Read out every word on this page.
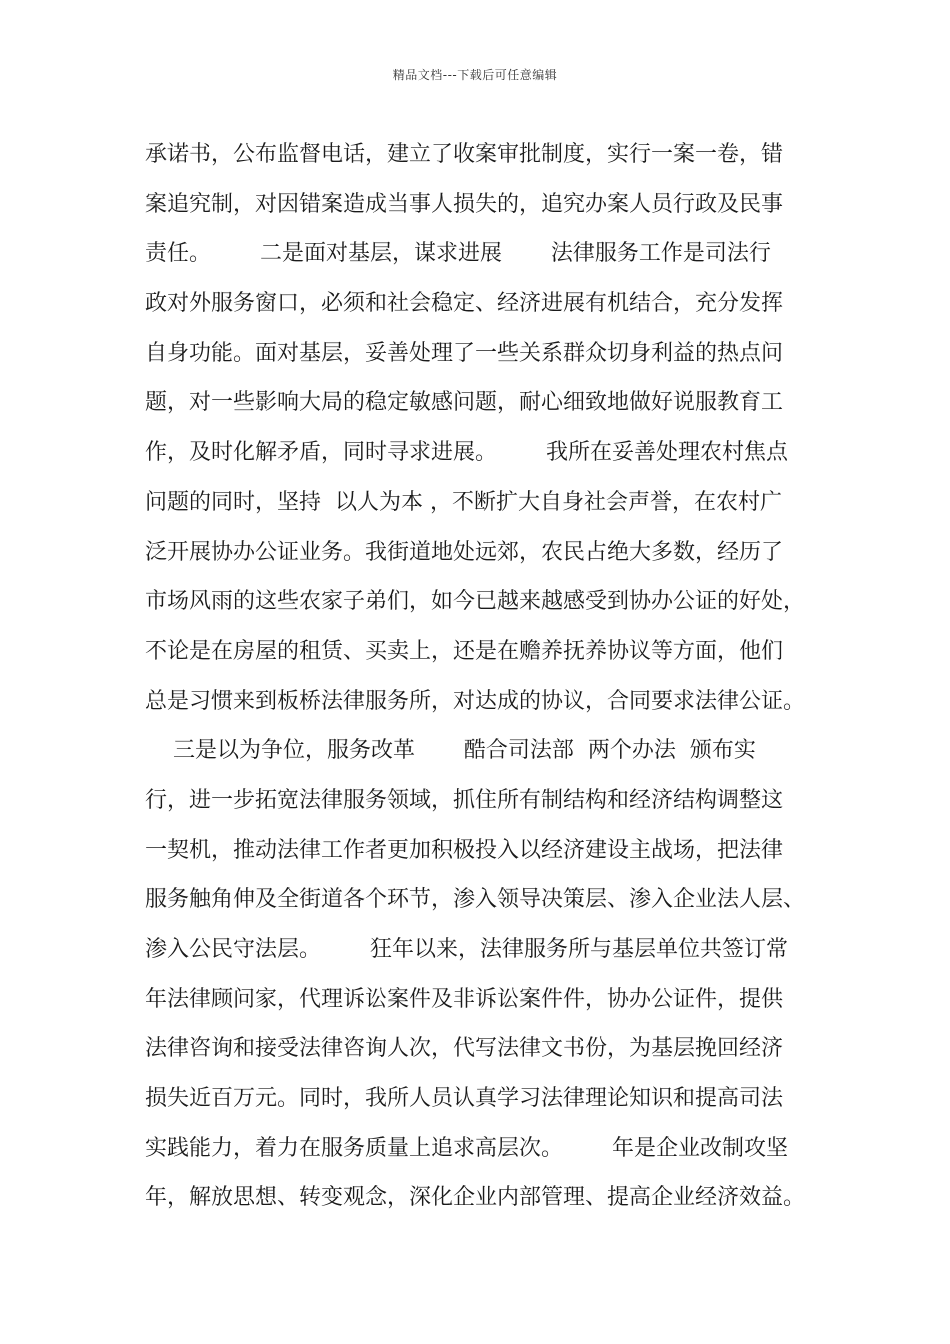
精品文档---下载后可任意编辑
承诺书，公布监督电话，建立了收案审批制度，实行一案一卷，错
案追究制，对因错案造成当事人损失的，追究办案人员行政及民事
责任。       二是面对基层，谋求进展       法律服务工作是司法行
政对外服务窗口，必须和社会稳定、经济进展有机结合，充分发挥
自身功能。面对基层，妥善处理了一些关系群众切身利益的热点问
题，对一些影响大局的稳定敏感问题，耐心细致地做好说服教育工
作，及时化解矛盾，同时寻求进展。       我所在妥善处理农村焦点
问题的同时，坚持  以人为本 ，不断扩大自身社会声誉，在农村广
泛开展协办公证业务。我街道地处远郊，农民占绝大多数，经历了
市场风雨的这些农家子弟们，如今已越来越感受到协办公证的好处，
不论是在房屋的租赁、买卖上，还是在赡养抚养协议等方面，他们
总是习惯来到板桥法律服务所，对达成的协议，合同要求法律公证。
三是以为争位，服务改革       酷合司法部  两个办法  颁布实
行，进一步拓宽法律服务领域，抓住所有制结构和经济结构调整这
一契机，推动法律工作者更加积极投入以经济建设主战场，把法律
服务触角伸及全街道各个环节，渗入领导决策层、渗入企业法人层、
渗入公民守法层。       狂年以来，法律服务所与基层单位共签订常
年法律顾问家，代理诉讼案件及非诉讼案件件，协办公证件，提供
法律咨询和接受法律咨询人次，代写法律文书份，为基层挽回经济
损失近百万元。同时，我所人员认真学习法律理论知识和提高司法
实践能力，着力在服务质量上追求高层次。       年是企业改制攻坚
年，解放思想、转变观念，深化企业内部管理、提高企业经济效益。
